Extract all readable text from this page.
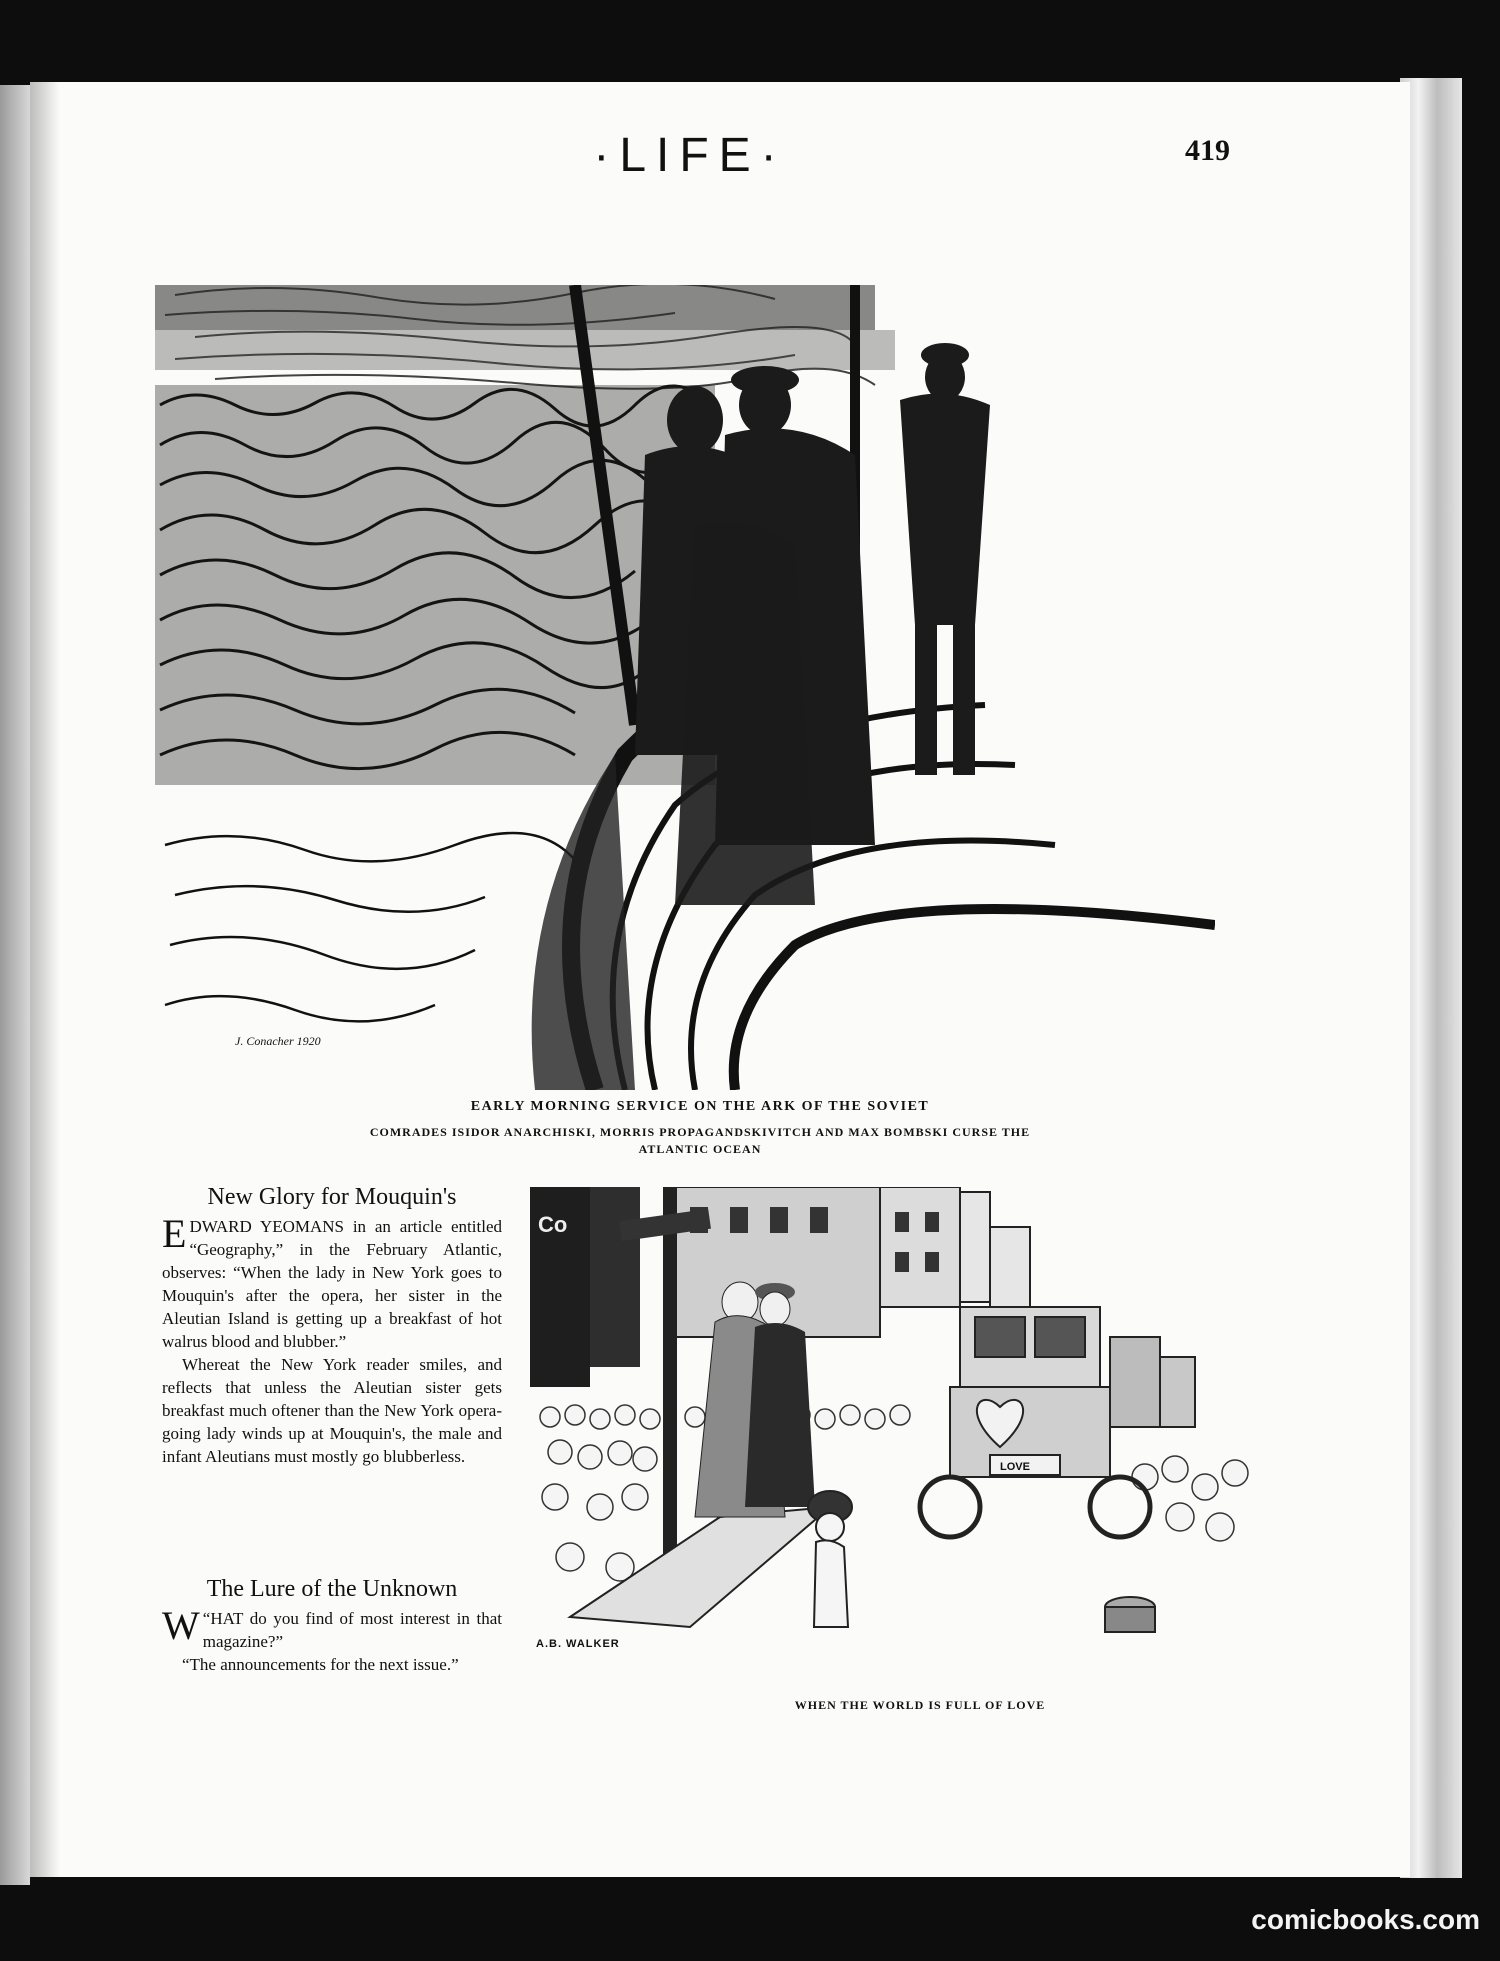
·LIFE·	419
J. Conacher 1920
EARLY MORNING SERVICE ON THE ARK OF THE SOVIET
COMRADES ISIDOR ANARCHISKI, MORRIS PROPAGANDSKIVITCH AND MAX BOMBSKI CURSE THE
ATLANTIC OCEAN
New Glory for Mouquin's

EDWARD YEOMANS in an article entitled “Geography,” in the February Atlantic, observes: “When the lady in New York goes to Mouquin's after the opera, her sister in the Aleutian Island is getting up a breakfast of hot walrus blood and blubber.”

Whereat the New York reader smiles, and reflects that unless the Aleutian sister gets breakfast much oftener than the New York opera-going lady winds up at Mouquin's, the male and infant Aleutians must mostly go blubberless.

The Lure of the Unknown

“
W HAT do you find of most interest in that magazine?”

“The announcements for the next issue.”

Co
LOVE
A.B. WALKER
WHEN THE WORLD IS FULL OF LOVE
comicbooks.com
